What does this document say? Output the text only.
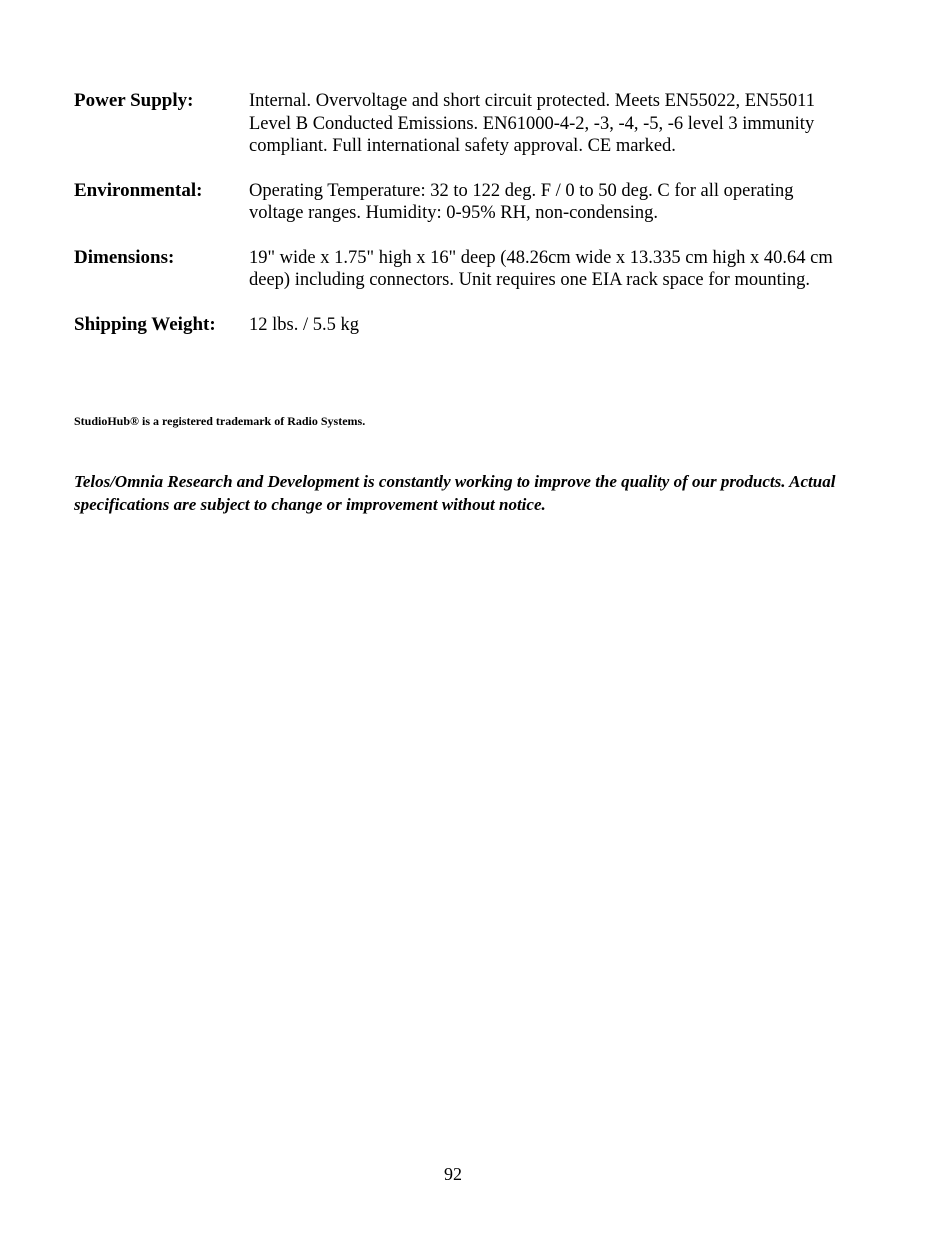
Power Supply:	Internal. Overvoltage and short circuit protected. Meets EN55022, EN55011 Level B Conducted Emissions. EN61000-4-2, -3, -4, -5, -6 level 3 immunity compliant. Full international safety approval. CE marked.
Environmental:	Operating Temperature: 32 to 122 deg. F / 0 to 50 deg. C for all operating voltage ranges. Humidity: 0-95% RH, non-condensing.
Dimensions:	19" wide x 1.75" high x 16" deep (48.26cm wide x 13.335 cm high x 40.64 cm deep) including connectors. Unit requires one EIA rack space for mounting.
Shipping Weight:	12 lbs. / 5.5 kg
StudioHub® is a registered trademark of Radio Systems.
Telos/Omnia Research and Development is constantly working to improve the quality of our products. Actual specifications are subject to change or improvement without notice.
92
